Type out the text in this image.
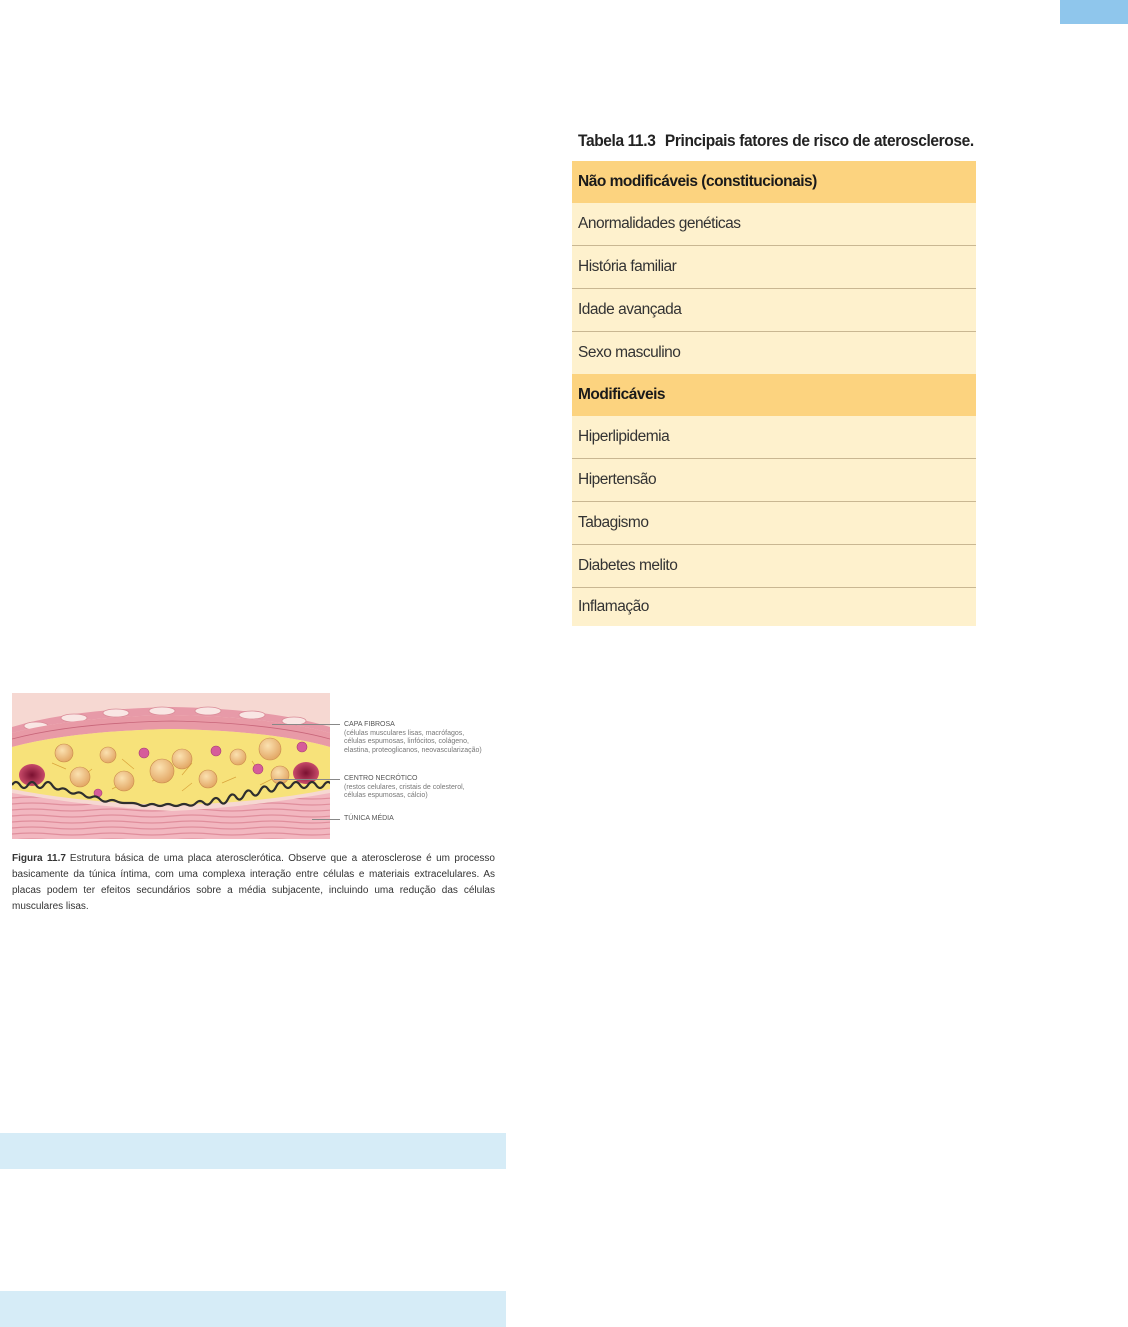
Tabela 11.3 Principais fatores de risco de aterosclerose.
Não modificáveis (constitucionais)
Anormalidades genéticas
História familiar
Idade avançada
Sexo masculino
Modificáveis
Hiperlipidemia
Hipertensão
Tabagismo
Diabetes melito
Inflamação
CAPA FIBROSA
(células musculares lisas, macrófagos,
células espumosas, linfócitos, colágeno,
elastina, proteoglicanos, neovascularização)
CENTRO NECRÓTICO
(restos celulares, cristais de colesterol,
células espumosas, cálcio)
TÚNICA MÉDIA

Figura 11.7 Estrutura básica de uma placa aterosclerótica. Observe que a aterosclerose é um processo basicamente da túnica íntima, com uma complexa interação entre células e materiais extracelulares. As placas podem ter efeitos secundários sobre a média subjacente, incluindo uma redução das células musculares lisas.
